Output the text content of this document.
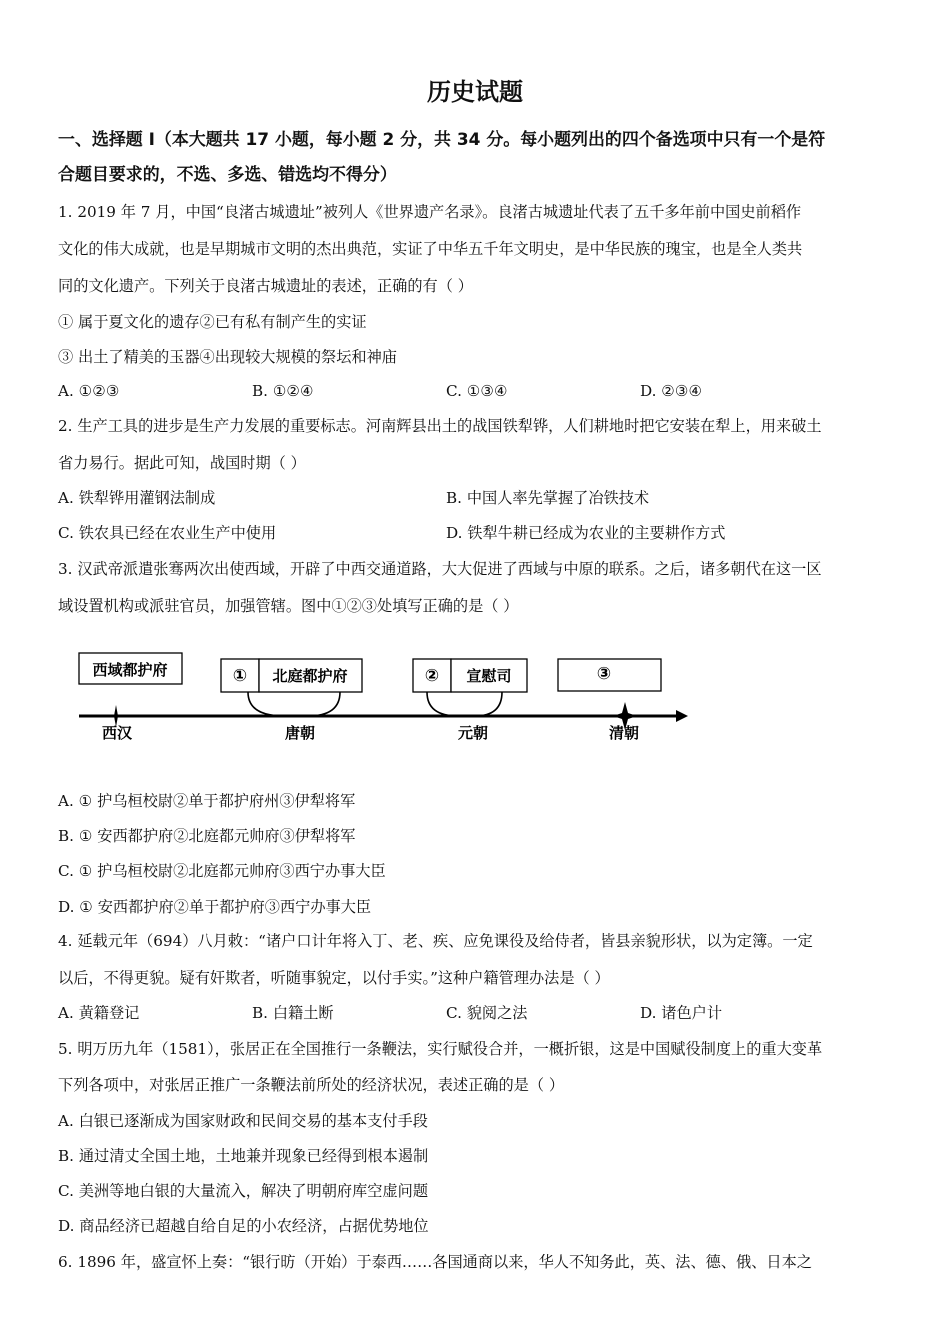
历史试题
一、选择题 I（本大题共 17 小题，每小题 2 分，共 34 分。每小题列出的四个备选项中只有一个是符
合题目要求的，不选、多选、错选均不得分）
1. 2019 年 7 月，中国“良渚古城遗址”被列人《世界遗产名录》。良渚古城遗址代表了五千多年前中国史前稻作
文化的伟大成就，也是早期城市文明的杰出典范，实证了中华五千年文明史，是中华民族的瑰宝，也是全人类共
同的文化遗产。下列关于良渚古城遗址的表述，正确的有（ ）
① 属于夏文化的遗存②已有私有制产生的实证
③ 出土了精美的玉器④出现较大规模的祭坛和神庙
A. ①②③	B. ①②④	C. ①③④	D. ②③④
2. 生产工具的进步是生产力发展的重要标志。河南辉县出土的战国铁犁铧，人们耕地时把它安装在犁上，用来破土
省力易行。据此可知，战国时期（ ）
A. 铁犁铧用灌钢法制成	B. 中国人率先掌握了冶铁技术
C. 铁农具已经在农业生产中使用	D. 铁犁牛耕已经成为农业的主要耕作方式
3. 汉武帝派遣张骞两次出使西域，开辟了中西交通道路，大大促进了西域与中原的联系。之后，诸多朝代在这一区
域设置机构或派驻官员，加强管辖。图中①②③处填写正确的是（ ）
西域都护府	① 北庭都护府	② 宣慰司	③
西汉	唐朝	元朝	清朝
A. ① 护乌桓校尉②单于都护府州③伊犁将军
B. ① 安西都护府②北庭都元帅府③伊犁将军
C. ① 护乌桓校尉②北庭都元帅府③西宁办事大臣
D. ① 安西都护府②单于都护府③西宁办事大臣
4. 延载元年（694）八月敕：“诸户口计年将入丁、老、疾、应免课役及给侍者，皆县亲貌形状，以为定簿。一定
以后，不得更貌。疑有奸欺者，听随事貌定，以付手实。”这种户籍管理办法是（ ）
A. 黄籍登记	B. 白籍土断	C. 貌阅之法	D. 诸色户计
5. 明万历九年（1581），张居正在全国推行一条鞭法，实行赋役合并，一概折银，这是中国赋役制度上的重大变革
下列各项中，对张居正推广一条鞭法前所处的经济状况，表述正确的是（ ）
A. 白银已逐渐成为国家财政和民间交易的基本支付手段
B. 通过清丈全国土地，土地兼并现象已经得到根本遏制
C. 美洲等地白银的大量流入，解决了明朝府库空虚问题
D. 商品经济已超越自给自足的小农经济，占据优势地位
6. 1896 年，盛宣怀上奏：“银行昉（开始）于泰西……各国通商以来，华人不知务此，英、法、德、俄、日本之
